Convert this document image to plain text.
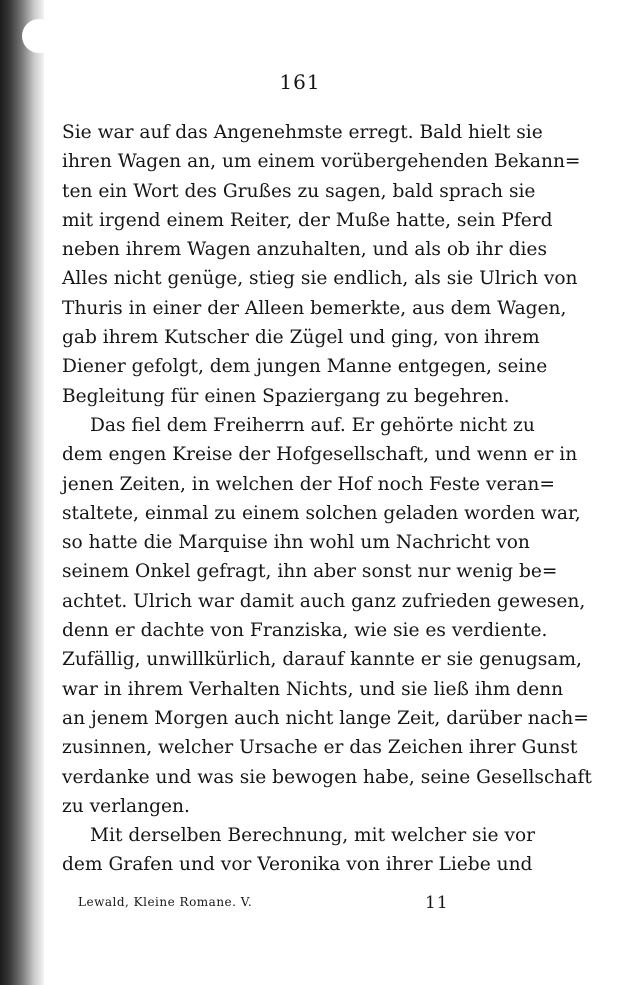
161
Sie war auf das Angenehmste erregt. Bald hielt sie
ihren Wagen an, um einem vorübergehenden Bekann=
ten ein Wort des Grußes zu sagen, bald sprach sie
mit irgend einem Reiter, der Muße hatte, sein Pferd
neben ihrem Wagen anzuhalten, und als ob ihr dies
Alles nicht genüge, stieg sie endlich, als sie Ulrich von
Thuris in einer der Alleen bemerkte, aus dem Wagen,
gab ihrem Kutscher die Zügel und ging, von ihrem
Diener gefolgt, dem jungen Manne entgegen, seine
Begleitung für einen Spaziergang zu begehren.
Das fiel dem Freiherrn auf. Er gehörte nicht zu
dem engen Kreise der Hofgesellschaft, und wenn er in
jenen Zeiten, in welchen der Hof noch Feste veran=
staltete, einmal zu einem solchen geladen worden war,
so hatte die Marquise ihn wohl um Nachricht von
seinem Onkel gefragt, ihn aber sonst nur wenig be=
achtet. Ulrich war damit auch ganz zufrieden gewesen,
denn er dachte von Franziska, wie sie es verdiente.
Zufällig, unwillkürlich, darauf kannte er sie genugsam,
war in ihrem Verhalten Nichts, und sie ließ ihm denn
an jenem Morgen auch nicht lange Zeit, darüber nach=
zusinnen, welcher Ursache er das Zeichen ihrer Gunst
verdanke und was sie bewogen habe, seine Gesellschaft
zu verlangen.
Mit derselben Berechnung, mit welcher sie vor
dem Grafen und vor Veronika von ihrer Liebe und
Lewald, Kleine Romane. V.	11
